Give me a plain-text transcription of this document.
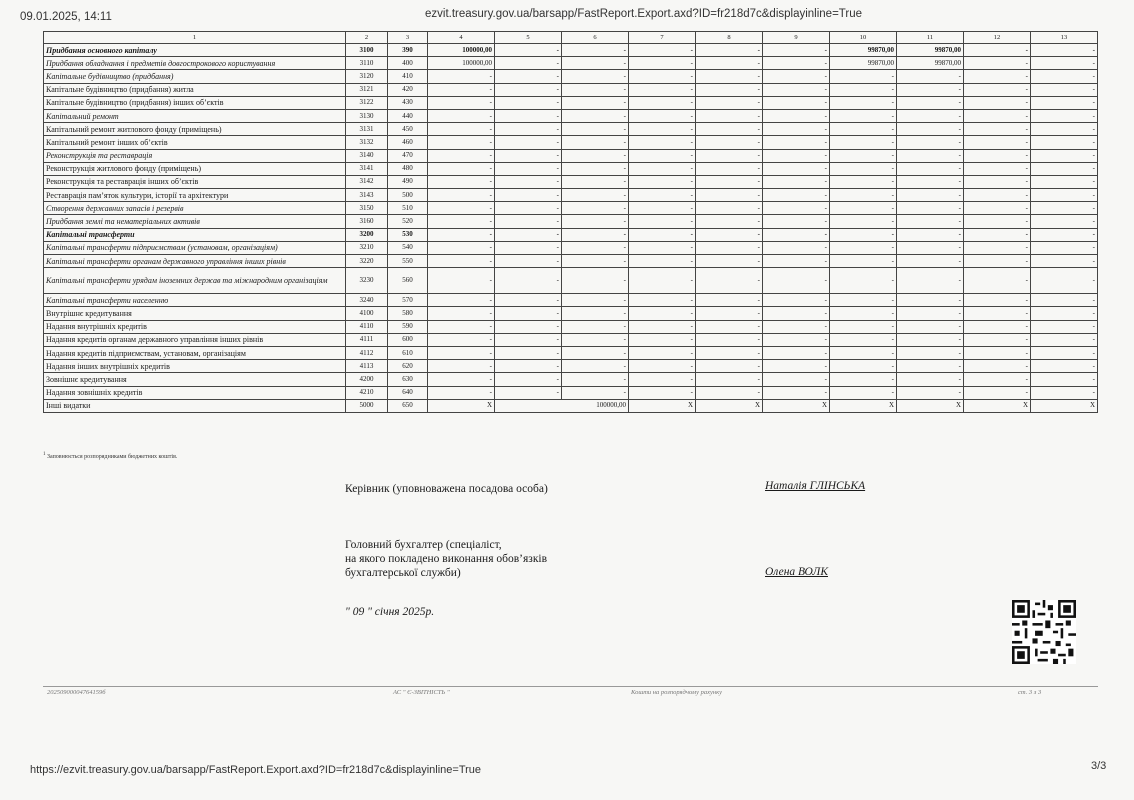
09.01.2025, 14:11	ezvit.treasury.gov.ua/barsapp/FastReport.Export.axd?ID=fr218d7c&displayinline=True
1	2	3	4	5	6	7	8	9	10	11	12	13	
Придбання основного капіталу	3100	390	100000,00	-	-	-	-	-	99870,00	99870,00	-	-	
Придбання обладнання і предметів довгострокового користування	3110	400	100000,00	-	-	-	-	-	99870,00	99870,00	-	-	
Капітальне будівництво (придбання)	3120	410	-	-	-	-	-	-	-	-	-	-	
Капітальне будівництво (придбання) житла	3121	420	-	-	-	-	-	-	-	-	-	-	
Капітальне будівництво (придбання) інших об’єктів	3122	430	-	-	-	-	-	-	-	-	-	-	
Капітальний ремонт	3130	440	-	-	-	-	-	-	-	-	-	-	
Капітальний ремонт житлового фонду (приміщень)	3131	450	-	-	-	-	-	-	-	-	-	-	
Капітальний ремонт інших об’єктів	3132	460	-	-	-	-	-	-	-	-	-	-	
Реконструкція та реставрація	3140	470	-	-	-	-	-	-	-	-	-	-	
Реконструкція житлового фонду (приміщень)	3141	480	-	-	-	-	-	-	-	-	-	-	
Реконструкція та реставрація інших об’єктів	3142	490	-	-	-	-	-	-	-	-	-	-	
Реставрація пам’яток культури, історії та архітектури	3143	500	-	-	-	-	-	-	-	-	-	-	
Створення державних запасів і резервів	3150	510	-	-	-	-	-	-	-	-	-	-	
Придбання землі та нематеріальних активів	3160	520	-	-	-	-	-	-	-	-	-	-	
Капітальні трансферти	3200	530	-	-	-	-	-	-	-	-	-	-	
Капітальні трансферти підприємствам (установам, організаціям)	3210	540	-	-	-	-	-	-	-	-	-	-	
Капітальні трансферти органам державного управління інших рівнів	3220	550	-	-	-	-	-	-	-	-	-	-	
Капітальні трансферти урядам іноземних держав та міжнародним організаціям	3230	560	-	-	-	-	-	-	-	-	-	-	
Капітальні трансферти населенню	3240	570	-	-	-	-	-	-	-	-	-	-	
Внутрішнє кредитування	4100	580	-	-	-	-	-	-	-	-	-	-	
Надання внутрішніх кредитів	4110	590	-	-	-	-	-	-	-	-	-	-	
Надання кредитів органам державного управління інших рівнів	4111	600	-	-	-	-	-	-	-	-	-	-	
Надання кредитів підприємствам, установам, організаціям	4112	610	-	-	-	-	-	-	-	-	-	-	
Надання інших внутрішніх кредитів	4113	620	-	-	-	-	-	-	-	-	-	-	
Зовнішнє кредитування	4200	630	-	-	-	-	-	-	-	-	-	-	
Надання зовнішніх кредитів	4210	640	-	-	-	-	-	-	-	-	-	-	
Інші видатки	5000	650	X	100000,00		X	X	X	X	X	X	X	
$^1$ Заповнюється розпорядниками бюджетних коштів.
Керівник (уповноважена посадова особа)	Наталія ГЛІНСЬКА
Головний бухгалтер (спеціаліст,
на якого покладено виконання обов’язків
бухгалтерської служби)	Олена ВОЛК
" 09 " січня 2025р.
20250900004764159б	АС " Є-ЗВІТНІСТЬ "	Кошти на розпорядчому рахунку	ст. 3 з 3
https://ezvit.treasury.gov.ua/barsapp/FastReport.Export.axd?ID=fr218d7c&displayinline=True	3/3
